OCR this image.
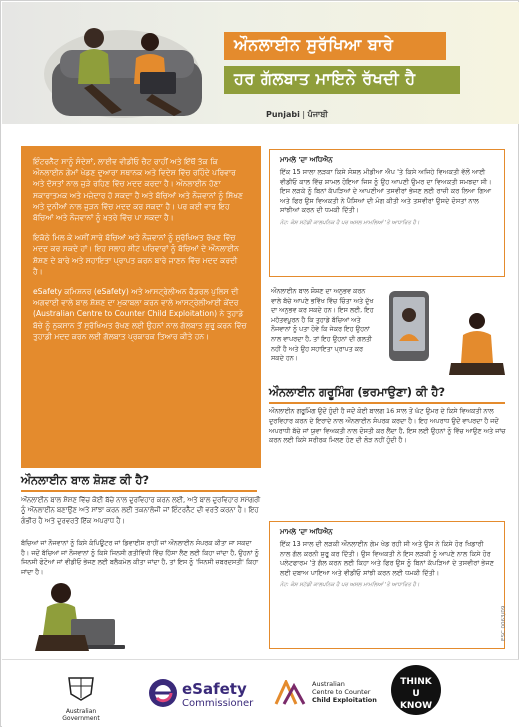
ਔਨਲਾਈਨ ਸੁਰੱਖਿਆ ਬਾਰੇ
ਹਰ ਗੱਲਬਾਤ ਮਾਇਨੇ ਰੱਖਦੀ ਹੈ
Punjabi | ਪੰਜਾਬੀ

ਇੰਟਰਨੈੱਟ ਸਾਨੂੰ ਸੰਦੇਸ਼ਾਂ, ਲਾਈਵ ਵੀਡੀਓ ਚੈਟ ਰਾਹੀਂ ਅਤੇ ਇੱਥੋਂ ਤੱਕ ਕਿ ਔਨਲਾਈਨ ਗੇਮਾਂ ਖੇਡਣ ਦੁਆਰਾ ਸਥਾਨਕ ਅਤੇ ਵਿਦੇਸ਼ ਵਿੱਚ ਰਹਿੰਦੇ ਪਰਿਵਾਰ ਅਤੇ ਦੋਸਤਾਂ ਨਾਲ ਜੁੜੇ ਰਹਿਣ ਵਿੱਚ ਮਦਦ ਕਰਦਾ ਹੈ। ਔਨਲਾਈਨ ਹੋਣਾ ਸਕਾਰਾਤਮਕ ਅਤੇ ਮਜ਼ੇਦਾਰ ਹੋ ਸਕਦਾ ਹੈ ਅਤੇ ਬੱਚਿਆਂ ਅਤੇ ਨੌਜਵਾਨਾਂ ਨੂੰ ਸਿੱਖਣ ਅਤੇ ਦੁਨੀਆਂ ਨਾਲ ਜੁੜਨ ਵਿੱਚ ਮਦਦ ਕਰ ਸਕਦਾ ਹੈ। ਪਰ ਕਈ ਵਾਰ ਇਹ ਬੱਚਿਆਂ ਅਤੇ ਨੌਜਵਾਨਾਂ ਨੂੰ ਖ਼ਤਰੇ ਵਿੱਚ ਪਾ ਸਕਦਾ ਹੈ।

ਇਕੱਠੇ ਮਿਲ ਕੇ ਅਸੀਂ ਸਾਰੇ ਬੱਚਿਆਂ ਅਤੇ ਨੌਜਵਾਨਾਂ ਨੂੰ ਸੁਰੱਖਿਅਤ ਰੱਖਣ ਵਿੱਚ ਮਦਦ ਕਰ ਸਕਦੇ ਹਾਂ। ਇਹ ਸਲਾਹ ਸ਼ੀਟ ਪਰਿਵਾਰਾਂ ਨੂੰ ਬੱਚਿਆਂ ਦੇ ਔਨਲਾਈਨ ਸ਼ੋਸ਼ਣ ਦੇ ਬਾਰੇ ਅਤੇ ਸਹਾਇਤਾ ਪ੍ਰਾਪਤ ਕਰਨ ਬਾਰੇ ਜਾਣਨ ਵਿੱਚ ਮਦਦ ਕਰਦੀ ਹੈ।

eSafety ਕਮਿਸ਼ਨਰ (eSafety) ਅਤੇ ਆਸਟ੍ਰੇਲੀਅਨ ਫੈਡਰਲ ਪੁਲਿਸ ਦੀ ਅਗਵਾਈ ਵਾਲੇ ਬਾਲ ਸ਼ੋਸ਼ਣ ਦਾ ਮੁਕਾਬਲਾ ਕਰਨ ਵਾਲੇ ਆਸਟ੍ਰੇਲੀਆਈ ਕੇਂਦਰ (Australian Centre to Counter Child Exploitation) ਨੇ ਤੁਹਾਡੇ ਬੱਚੇ ਨੂੰ ਨੁਕਸਾਨ ਤੋਂ ਸੁਰੱਖਿਅਤ ਰੱਖਣ ਲਈ ਉਹਨਾਂ ਨਾਲ ਗੱਲਬਾਤ ਸ਼ੁਰੂ ਕਰਨ ਵਿੱਚ ਤੁਹਾਡੀ ਮਦਦ ਕਰਨ ਲਈ ਗੱਲਬਾਤ ਪ੍ਰਕਾਰਕ ਤਿਆਰ ਕੀਤੇ ਹਨ।

ਔਨਲਾਈਨ ਬਾਲ ਸ਼ੋਸ਼ਣ ਕੀ ਹੈ?
ਔਨਲਾਈਨ ਬਾਲ ਸ਼ੋਸ਼ਣ ਵਿੱਚ ਕੋਈ ਬੱਚੇ ਨਾਲ ਦੁਰਵਿਹਾਰ ਕਰਨ ਲਈ, ਅਤੇ ਬਾਲ ਦੁਰਵਿਹਾਰ ਸਮੱਗਰੀ ਨੂੰ ਔਨਲਾਈਨ ਬਣਾਉਣ ਅਤੇ ਸਾਂਝਾ ਕਰਨ ਲਈ ਤਕਨਾਲੋਜੀ ਜਾਂ ਇੰਟਰਨੈੱਟ ਦੀ ਵਰਤੋਂ ਕਰਨਾ ਹੈ। ਇਹ ਗੰਭੀਰ ਹੈ ਅਤੇ ਦੁਰਵਰਤੋਂ ਇੱਕ ਅਪਰਾਧ ਹੈ।
ਬੱਚਿਆਂ ਜਾਂ ਨੌਜਵਾਨਾਂ ਨੂੰ ਕਿਸੇ ਕੰਪਿਊਟਰ ਜਾਂ ਡਿਵਾਈਸ ਰਾਹੀਂ ਜਾਂ ਔਨਲਾਈਨ ਸੰਪਰਕ ਕੀਤਾ ਜਾ ਸਕਦਾ ਹੈ। ਜਦੋਂ ਬੱਚਿਆਂ ਜਾਂ ਨੌਜਵਾਨਾਂ ਨੂੰ ਕਿਸੇ ਜਿਨਸੀ ਗਤੀਵਿਧੀ ਵਿੱਚ ਹਿੱਸਾ ਲੈਣ ਲਈ ਕਿਹਾ ਜਾਂਦਾ ਹੈ, ਉਹਨਾਂ ਨੂੰ ਜਿਨਸੀ ਫੋਟੋਆਂ ਜਾਂ ਵੀਡੀਓ ਭੇਜਣ ਲਈ ਬਲੈਕਮੇਲ ਕੀਤਾ ਜਾਂਦਾ ਹੈ, ਤਾਂ ਇਸ ਨੂੰ 'ਜਿਨਸੀ ਜ਼ਬਰਦਸਤੀ' ਕਿਹਾ ਜਾਂਦਾ ਹੈ।
ਮਾਮਲੇ 'ਦਾ ਅਧਿਐਨ
ਇੱਕ 15 ਸਾਲਾ ਲੜਕਾ ਕਿਸੇ ਸੋਸ਼ਲ ਮੀਡੀਆ ਐਪ 'ਤੇ ਕਿਸੇ ਅਜਿਹੇ ਵਿਅਕਤੀ ਵੱਲੋਂ ਆਈ ਵੀਡੀਓ ਕਾਲ ਵਿੱਚ ਸ਼ਾਮਲ ਹੋਇਆ ਜਿਸ ਨੂੰ ਉਹ ਆਪਣੀ ਉਮਰ ਦਾ ਵਿਅਕਤੀ ਸਮਝਦਾ ਸੀ। ਇਸ ਲੜਕੇ ਨੂੰ ਬਿਨਾਂ ਕੱਪੜਿਆਂ ਦੇ ਆਪਣੀਆਂ ਤਸਵੀਰਾਂ ਭੇਜਣ ਲਈ ਰਾਜ਼ੀ ਕਰ ਲਿਆ ਗਿਆ ਅਤੇ ਫਿਰ ਉਸ ਵਿਅਕਤੀ ਨੇ ਪੈਸਿਆਂ ਦੀ ਮੰਗ ਕੀਤੀ ਅਤੇ ਤਸਵੀਰਾਂ ਉਸਦੇ ਦੋਸਤਾਂ ਨਾਲ ਸਾਂਝੀਆਂ ਕਰਨ ਦੀ ਧਮਕੀ ਦਿੱਤੀ।
ਨੋਟ: ਕੇਸ ਸਟੱਡੀ ਕਾਲਪਨਿਕ ਹੈ ਪਰ ਅਸਲ ਮਾਮਲਿਆਂ 'ਤੇ ਆਧਾਰਿਤ ਹੈ।
ਔਨਲਾਈਨ ਬਾਲ ਸ਼ੋਸ਼ਣ ਦਾ ਅਨੁਭਵ ਕਰਨ ਵਾਲੇ ਬੱਚੇ ਆਪਣੇ ਭਵਿੱਖ ਵਿੱਚ ਚਿੰਤਾ ਅਤੇ ਦੁੱਖ ਦਾ ਅਨੁਭਵ ਕਰ ਸਕਦੇ ਹਨ। ਇਸ ਲਈ, ਇਹ ਮਹੱਤਵਪੂਰਨ ਹੈ ਕਿ ਤੁਹਾਡੇ ਬੱਚਿਆਂ ਅਤੇ ਨੌਜਵਾਨਾਂ ਨੂੰ ਪਤਾ ਹੋਵੇ ਕਿ ਜੇਕਰ ਇਹ ਉਹਨਾਂ ਨਾਲ ਵਾਪਰਦਾ ਹੈ, ਤਾਂ ਇਹ ਉਹਨਾਂ ਦੀ ਗਲਤੀ ਨਹੀਂ ਹੈ ਅਤੇ ਉਹ ਸਹਾਇਤਾ ਪ੍ਰਾਪਤ ਕਰ ਸਕਦੇ ਹਨ।
ਔਨਲਾਈਨ ਗਰੂਮਿੰਗ (ਭਰਮਾਉਣਾ) ਕੀ ਹੈ?
ਔਨਲਾਈਨ ਗਰੂਮਿੰਗ ਉਦੋਂ ਹੁੰਦੀ ਹੈ ਜਦੋਂ ਕੋਈ ਬਾਲਗ 16 ਸਾਲ ਤੋਂ ਘੱਟ ਉਮਰ ਦੇ ਕਿਸੇ ਵਿਅਕਤੀ ਨਾਲ ਦੁਰਵਿਹਾਰ ਕਰਨ ਦੇ ਇਰਾਦੇ ਨਾਲ ਔਨਲਾਈਨ ਸੰਪਰਕ ਕਰਦਾ ਹੈ। ਇਹ ਅਪਰਾਧ ਉਦੋਂ ਵਾਪਰਦਾ ਹੈ ਜਦੋਂ ਅਪਰਾਧੀ ਬੱਚੇ ਜਾਂ ਯੁਵਾ ਵਿਅਕਤੀ ਨਾਲ ਦੋਸਤੀ ਕਰ ਲੈਂਦਾ ਹੈ, ਇਸ ਲਈ ਉਹਨਾਂ ਨੂੰ ਵਿੱਚ ਆਉਣ ਅਤੇ ਜਾਂਚ ਕਰਨ ਲਈ ਕਿਸੇ ਸਰੀਰਕ ਮਿਲਣ ਹੋਣ ਦੀ ਲੋੜ ਨਹੀਂ ਹੁੰਦੀ ਹੈ।
ਮਾਮਲੇ 'ਦਾ ਅਧਿਐਨ
ਇੱਕ 13 ਸਾਲ ਦੀ ਲੜਕੀ ਔਨਲਾਈਨ ਗੇਮ ਖੇਡ ਰਹੀ ਸੀ ਅਤੇ ਉਸ ਨੇ ਕਿਸੇ ਹੋਰ ਖਿਡਾਰੀ ਨਾਲ ਗੱਲ ਕਰਨੀ ਸ਼ੁਰੂ ਕਰ ਦਿੱਤੀ। ਉਸ ਵਿਅਕਤੀ ਨੇ ਇਸ ਲੜਕੀ ਨੂੰ ਆਪਣੇ ਨਾਲ ਕਿਸੇ ਹੋਰ ਪਲੇਟਫਾਰਮ 'ਤੇ ਗੱਲ ਕਰਨ ਲਈ ਕਿਹਾ ਅਤੇ ਫਿਰ ਉਸ ਨੂੰ ਬਿਨਾਂ ਕੱਪੜਿਆਂ ਦੇ ਤਸਵੀਰਾਂ ਭੇਜਣ ਲਈ ਦਬਾਅ ਪਾਇਆ ਅਤੇ ਵੀਡੀਓ ਸਾਂਝੀ ਕਰਨ ਲਈ ਧਮਕੀ ਦਿੱਤੀ।
ਨੋਟ: ਕੇਸ ਸਟੱਡੀ ਕਾਲਪਨਿਕ ਹੈ ਪਰ ਅਸਲ ਮਾਮਲਿਆਂ 'ਤੇ ਆਧਾਰਿਤ ਹੈ।
Australian Government
eSafety
Commissioner
Australian
Centre to Counter
Child Exploitation
THINK
U
KNOW
ESC 0063/09
